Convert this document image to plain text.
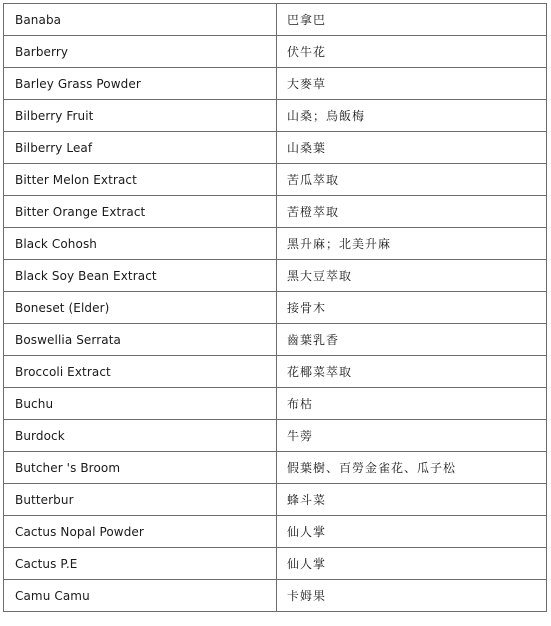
Banaba	巴拿巴
Barberry	伏牛花
Barley Grass Powder	大麥草
Bilberry Fruit	山桑；烏飯梅
Bilberry Leaf	山桑葉
Bitter Melon Extract	苦瓜萃取
Bitter Orange Extract	苦橙萃取
Black Cohosh	黑升麻；北美升麻
Black Soy Bean Extract	黑大豆萃取
Boneset (Elder)	接骨木
Boswellia Serrata	齒葉乳香
Broccoli Extract	花椰菜萃取
Buchu	布枯
Burdock	牛蒡
Butcher 's Broom	假葉樹、百勞金雀花、瓜子松
Butterbur	蜂斗菜
Cactus Nopal Powder	仙人掌
Cactus P.E	仙人掌
Camu Camu	卡姆果
